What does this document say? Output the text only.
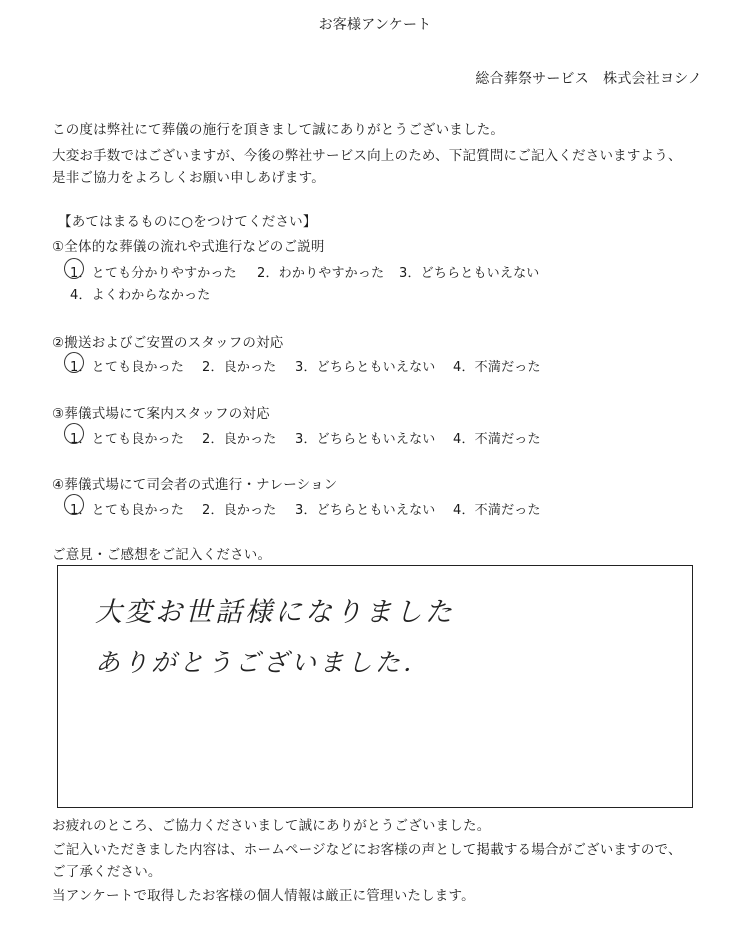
お客様アンケート
総合葬祭サービス　株式会社ヨシノ
この度は弊社にて葬儀の施行を頂きまして誠にありがとうございました。
大変お手数ではございますが、今後の弊社サービス向上のため、下記質問にご記入くださいますよう、
是非ご協力をよろしくお願い申しあげます。
【あてはまるものに○をつけてください】
①全体的な葬儀の流れや式進行などのご説明
1．とても分かりやすかった 2．わかりやすかった 3．どちらともいえない
4．よくわからなかった
②搬送およびご安置のスタッフの対応
1．とても良かった 2．良かった 3．どちらともいえない 4．不満だった
③葬儀式場にて案内スタッフの対応
1．とても良かった 2．良かった 3．どちらともいえない 4．不満だった
④葬儀式場にて司会者の式進行・ナレーション
1．とても良かった 2．良かった 3．どちらともいえない 4．不満だった
ご意見・ご感想をご記入ください。
大変お世話様になりました
ありがとうございました．
お疲れのところ、ご協力くださいまして誠にありがとうございました。
ご記入いただきました内容は、ホームページなどにお客様の声として掲載する場合がございますので、
ご了承ください。
当アンケートで取得したお客様の個人情報は厳正に管理いたします。
